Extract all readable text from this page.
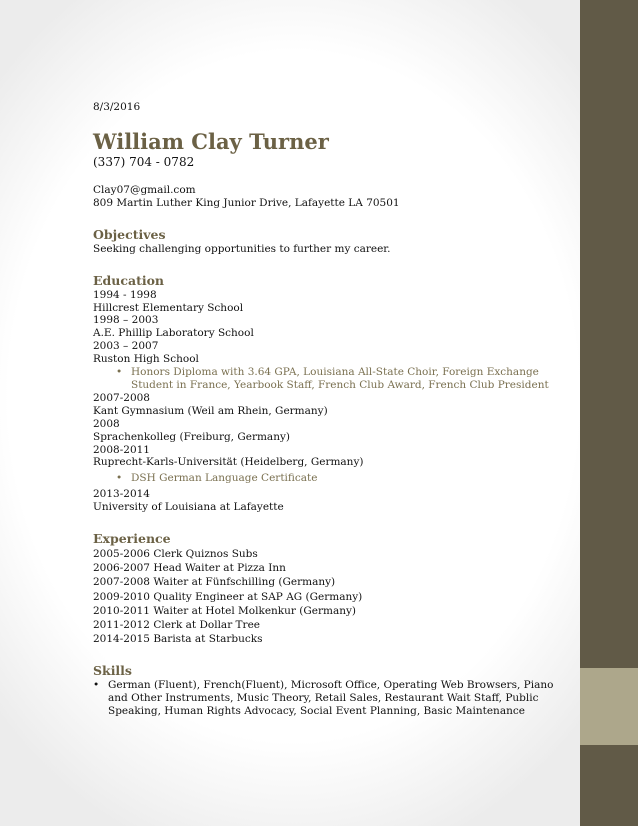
8/3/2016
William Clay Turner
(337) 704 - 0782
Clay07@gmail.com
809 Martin Luther King Junior Drive, Lafayette LA 70501
Objectives
Seeking challenging opportunities to further my career.
Education
1994 - 1998
Hillcrest Elementary School
1998 – 2003
A.E. Phillip Laboratory School
2003 – 2007
Ruston High School
• Honors Diploma with 3.64 GPA, Louisiana All-State Choir, Foreign Exchange Student in France, Yearbook Staff, French Club Award, French Club President
2007-2008
Kant Gymnasium (Weil am Rhein, Germany)
2008
Sprachenkolleg (Freiburg, Germany)
2008-2011
Ruprecht-Karls-Universität (Heidelberg, Germany)
• DSH German Language Certificate
2013-2014
University of Louisiana at Lafayette
Experience
2005-2006 Clerk Quiznos Subs
2006-2007 Head Waiter at Pizza Inn
2007-2008 Waiter at Fünfschilling (Germany)
2009-2010 Quality Engineer at SAP AG (Germany)
2010-2011 Waiter at Hotel Molkenkur (Germany)
2011-2012 Clerk at Dollar Tree
2014-2015 Barista at Starbucks
Skills
• German (Fluent), French(Fluent), Microsoft Office, Operating Web Browsers, Piano and Other Instruments, Music Theory, Retail Sales, Restaurant Wait Staff, Public Speaking, Human Rights Advocacy, Social Event Planning, Basic Maintenance
